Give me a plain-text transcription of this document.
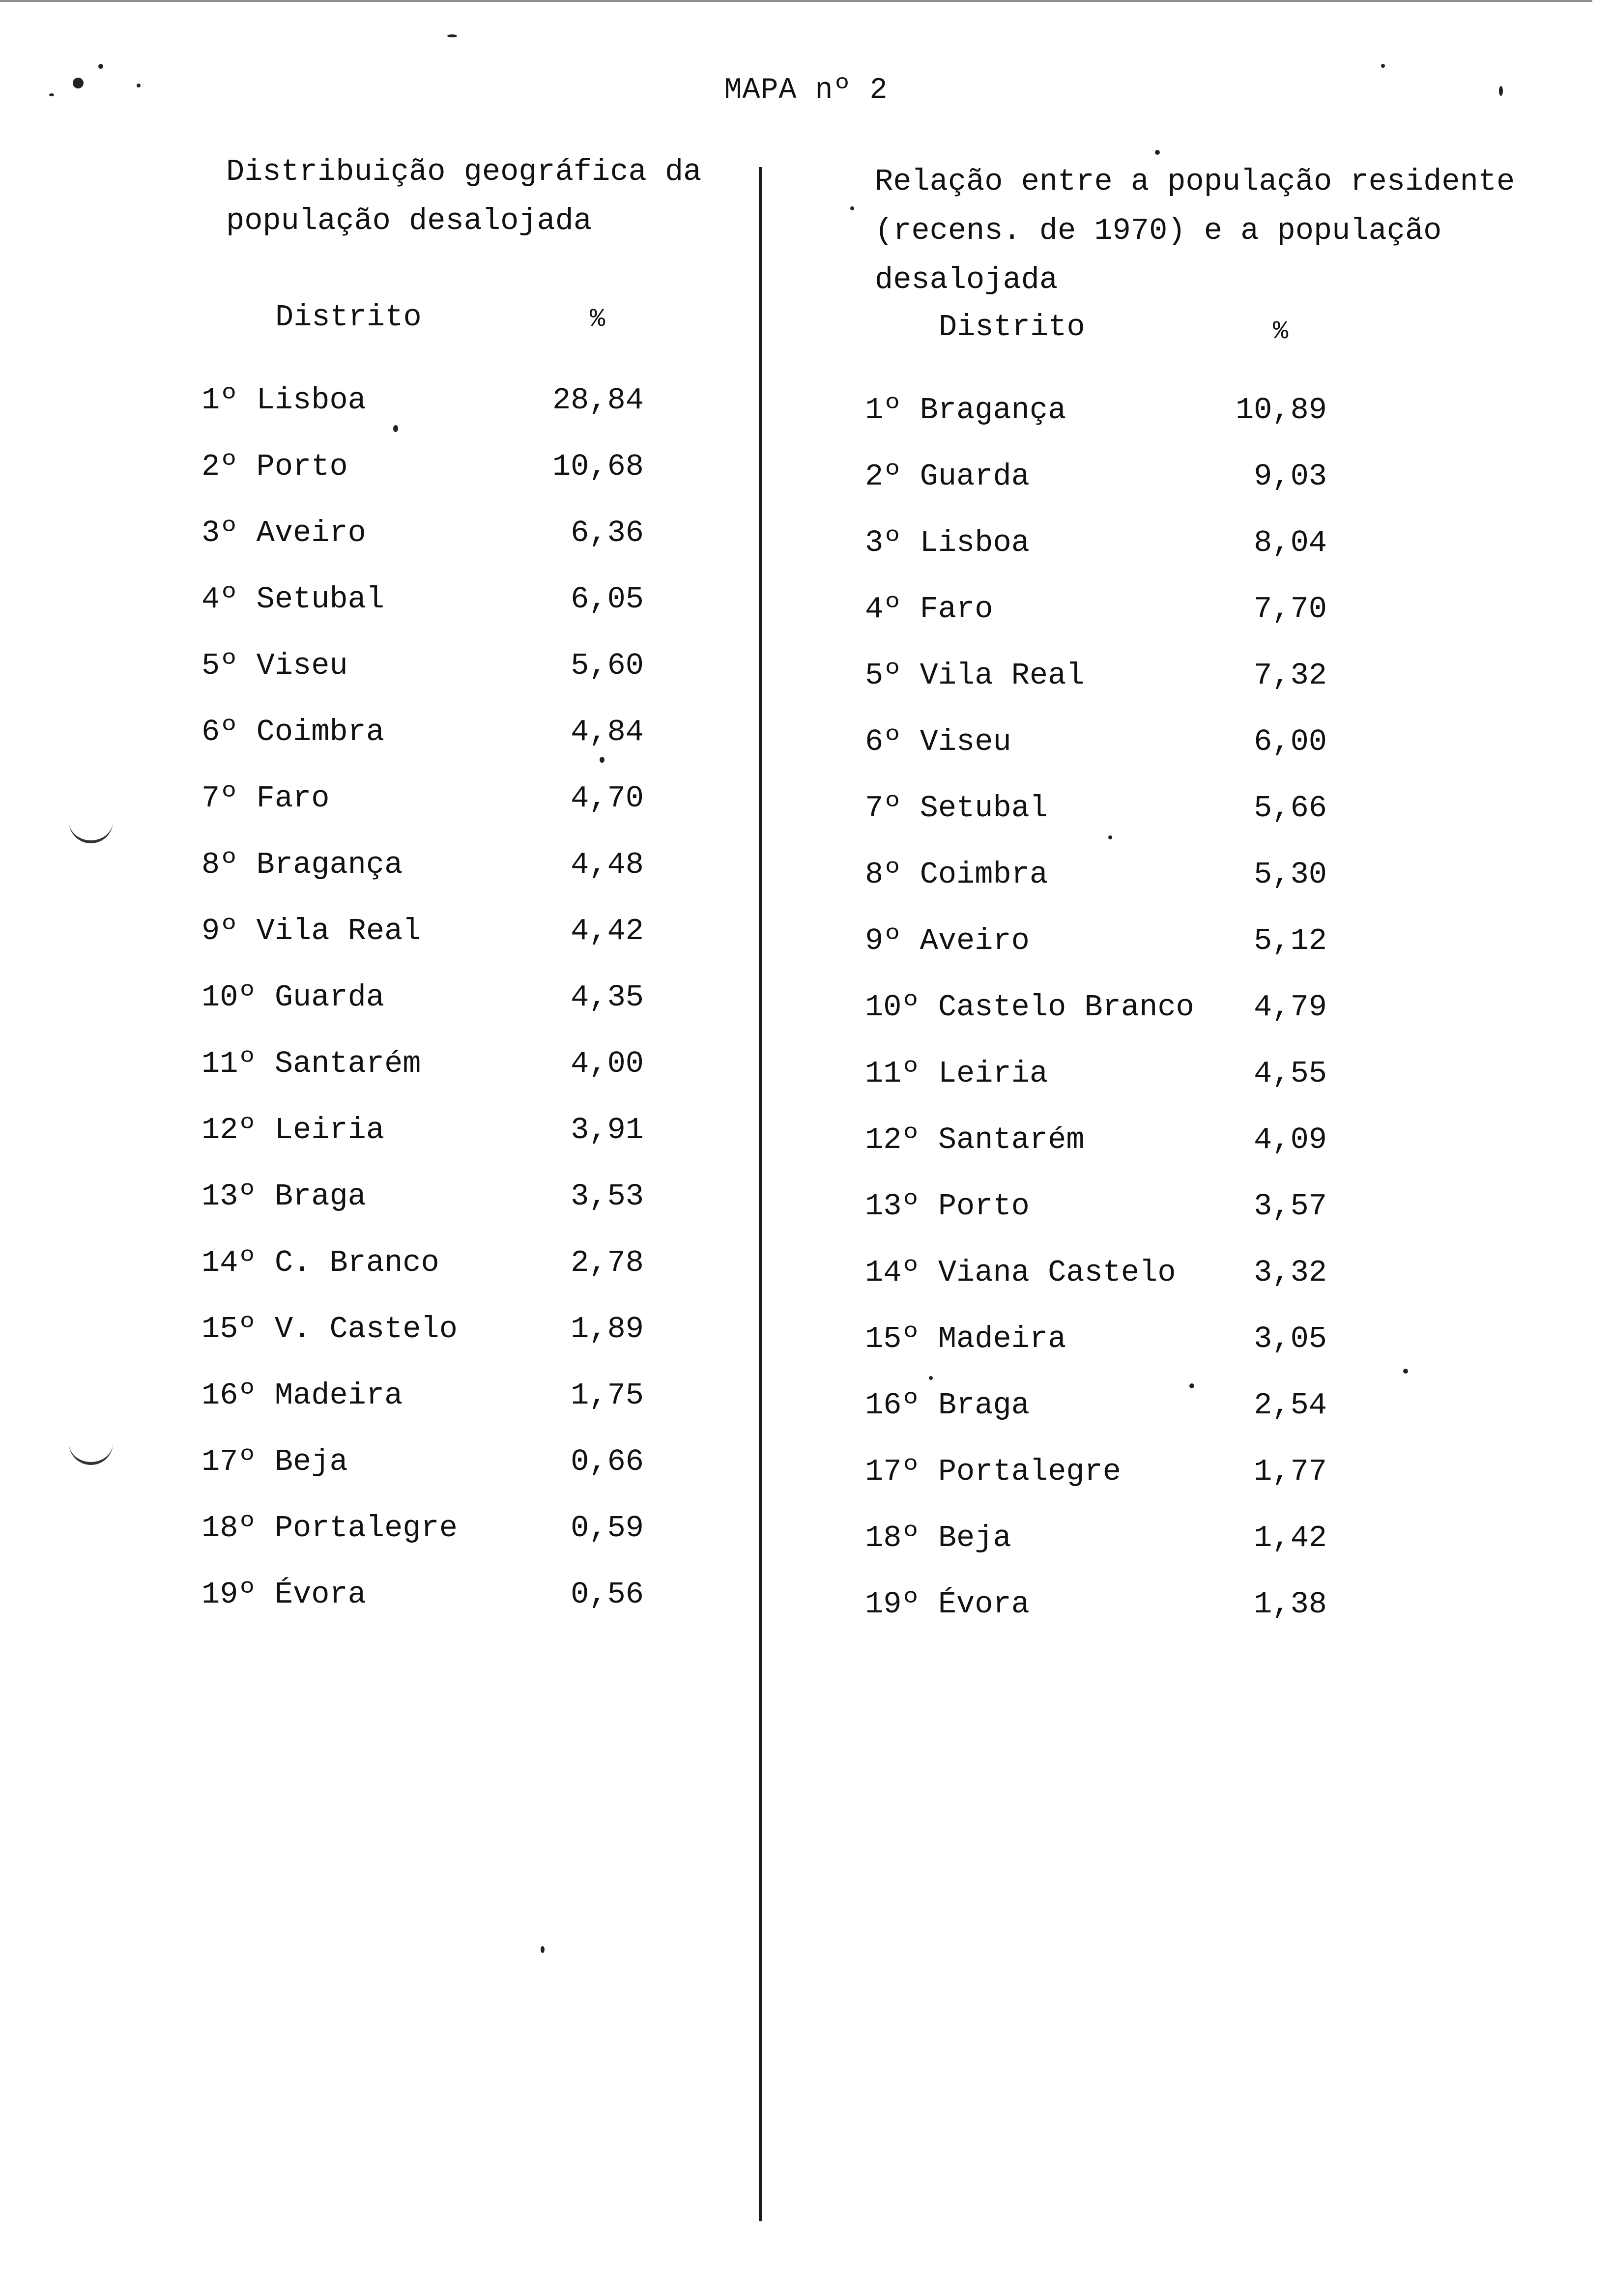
MAPA nº 2
Distribuição geográfica da
população desalojada
Distrito	%
1º Lisboa	28,84
2º Porto	10,68
3º Aveiro	6,36
4º Setubal	6,05
5º Viseu	5,60
6º Coimbra	4,84
7º Faro	4,70
8º Bragança	4,48
9º Vila Real	4,42
10º Guarda	4,35
11º Santarém	4,00
12º Leiria	3,91
13º Braga	3,53
14º C. Branco	2,78
15º V. Castelo	1,89
16º Madeira	1,75
17º Beja	0,66
18º Portalegre	0,59
19º Évora	0,56
Relação entre a população residente
(recens. de 1970) e a população desalojada
Distrito	%
1º Bragança	10,89
2º Guarda	9,03
3º Lisboa	8,04
4º Faro	7,70
5º Vila Real	7,32
6º Viseu	6,00
7º Setubal	5,66
8º Coimbra	5,30
9º Aveiro	5,12
10º Castelo Branco	4,79
11º Leiria	4,55
12º Santarém	4,09
13º Porto	3,57
14º Viana Castelo	3,32
15º Madeira	3,05
16º Braga	2,54
17º Portalegre	1,77
18º Beja	1,42
19º Évora	1,38
